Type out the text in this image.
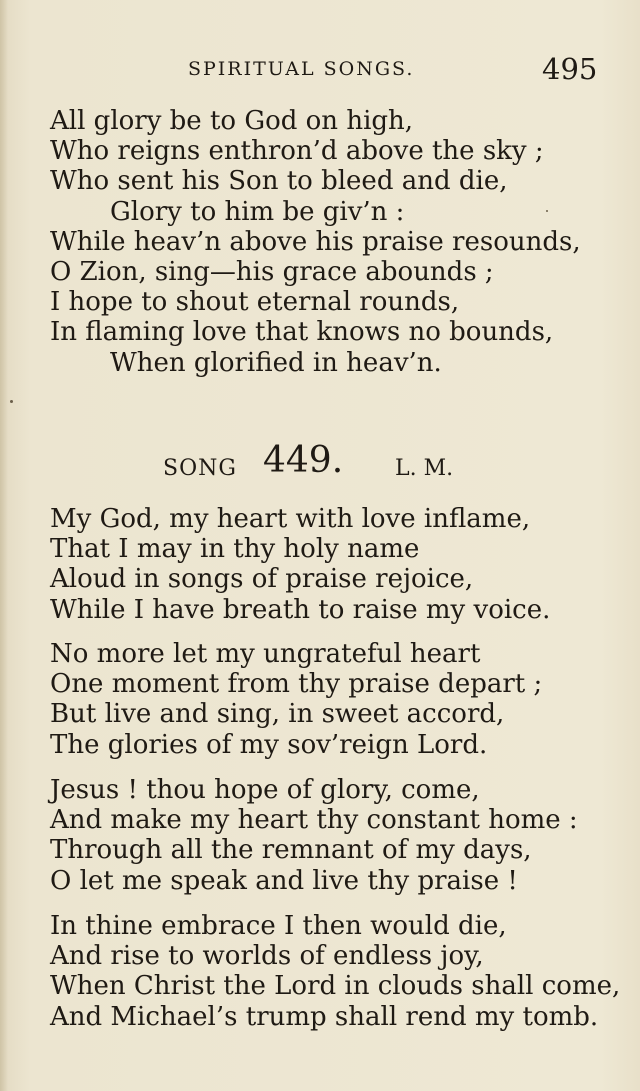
SPIRITUAL SONGS.	495
All glory be to God on high,
Who reigns enthron’d above the sky ;
Who sent his Son to bleed and die,
Glory to him be giv’n :
While heav’n above his praise resounds,
O Zion, sing—his grace abounds ;
I hope to shout eternal rounds,
In flaming love that knows no bounds,
When glorified in heav’n.
SONG 449. L. M.
My God, my heart with love inflame,
That I may in thy holy name
Aloud in songs of praise rejoice,
While I have breath to raise my voice.
No more let my ungrateful heart
One moment from thy praise depart ;
But live and sing, in sweet accord,
The glories of my sov’reign Lord.
Jesus ! thou hope of glory, come,
And make my heart thy constant home :
Through all the remnant of my days,
O let me speak and live thy praise !
In thine embrace I then would die,
And rise to worlds of endless joy,
When Christ the Lord in clouds shall come,
And Michael’s trump shall rend my tomb.
